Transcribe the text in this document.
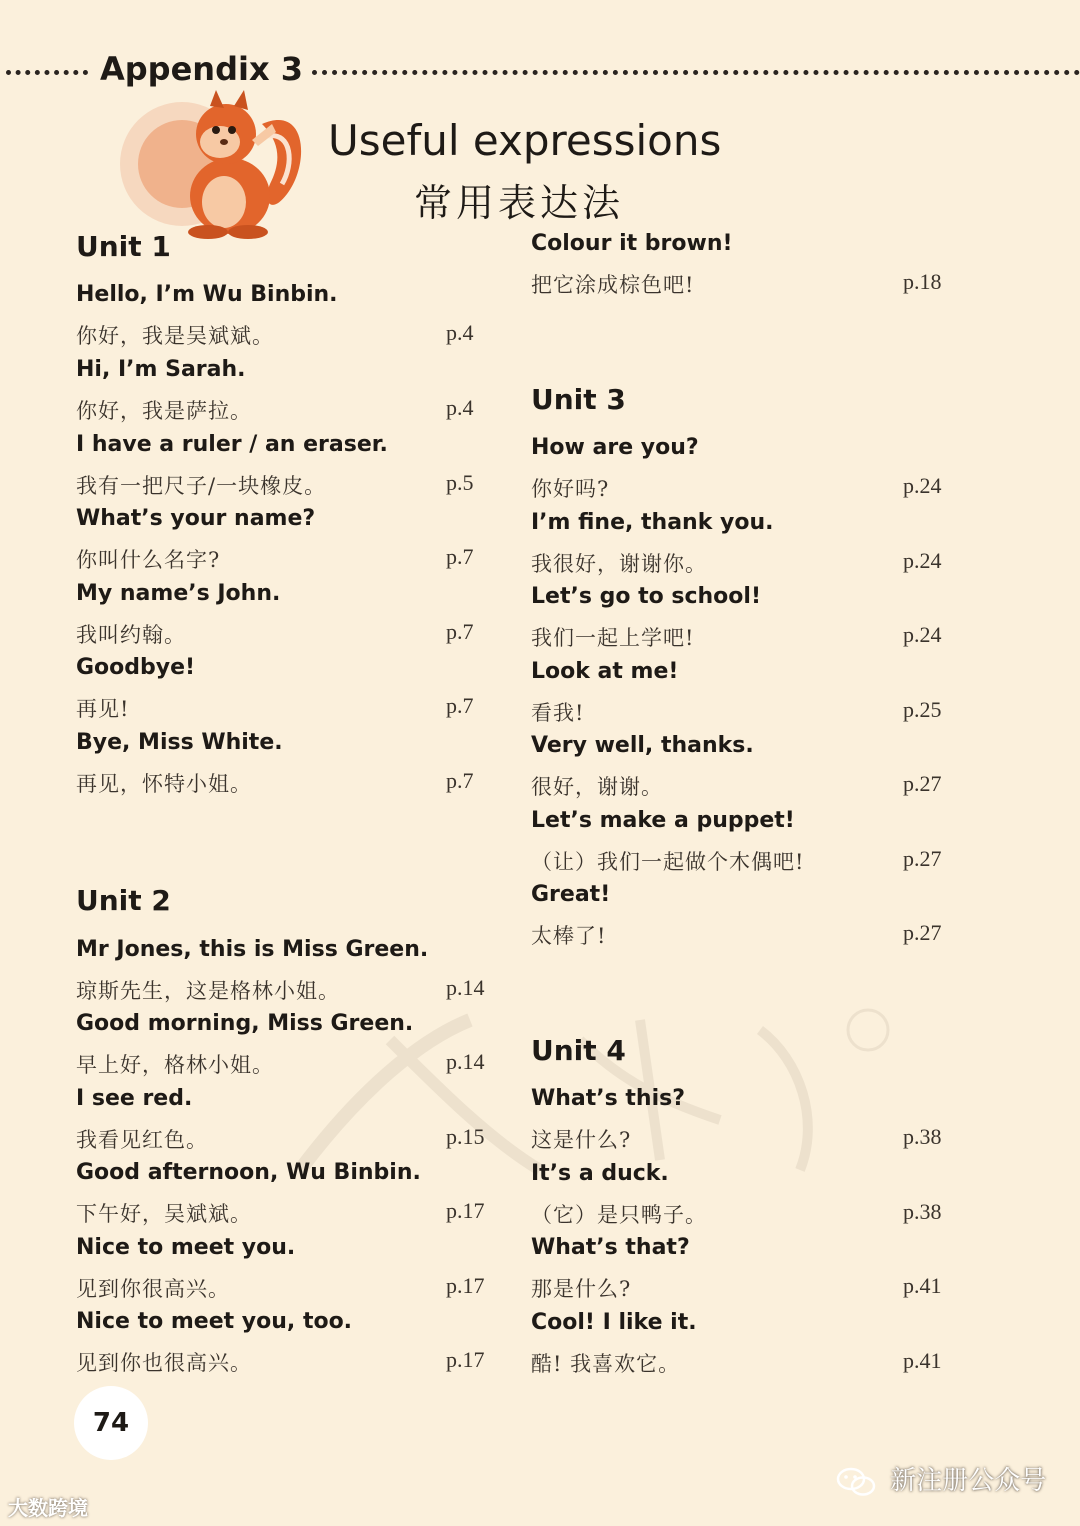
Appendix 3
Useful expressions
常用表达法
Unit 1
Hello, I’m Wu Binbin.
你好，我是吴斌斌。	p.4
Hi, I’m Sarah.
你好，我是萨拉。	p.4
I have a ruler / an eraser.
我有一把尺子/一块橡皮。	p.5
What’s your name?
你叫什么名字?	p.7
My name’s John.
我叫约翰。	p.7
Goodbye!
再见!	p.7
Bye, Miss White.
再见，怀特小姐。	p.7
Unit 2
Mr Jones, this is Miss Green.
琼斯先生，这是格林小姐。	p.14
Good morning, Miss Green.
早上好，格林小姐。	p.14
I see red.
我看见红色。	p.15
Good afternoon, Wu Binbin.
下午好，吴斌斌。	p.17
Nice to meet you.
见到你很高兴。	p.17
Nice to meet you, too.
见到你也很高兴。	p.17
Colour it brown!
把它涂成棕色吧!	p.18
Unit 3
How are you?
你好吗?	p.24
I’m fine, thank you.
我很好，谢谢你。	p.24
Let’s go to school!
我们一起上学吧!	p.24
Look at me!
看我!	p.25
Very well, thanks.
很好，谢谢。	p.27
Let’s make a puppet!
（让）我们一起做个木偶吧!	p.27
Great!
太棒了!	p.27
Unit 4
What’s this?
这是什么?	p.38
It’s a duck.
（它）是只鸭子。	p.38
What’s that?
那是什么?	p.41
Cool! I like it.
酷! 我喜欢它。	p.41
74
大数跨境
新注册公众号
